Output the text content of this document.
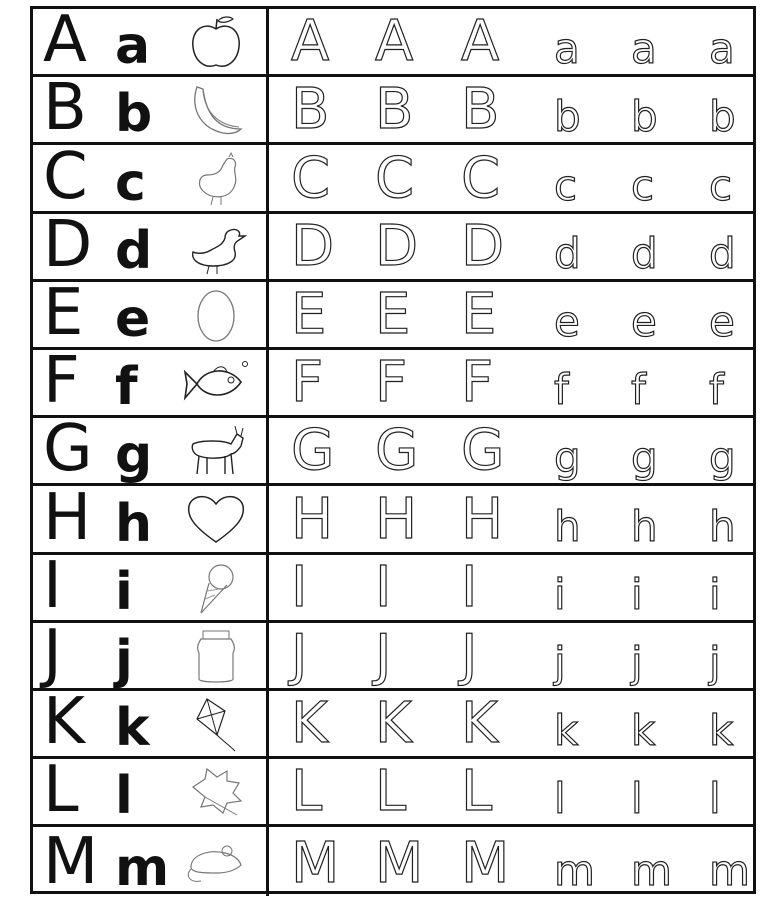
A a	A A A a a a
B b B B B b b b
C c	C C C c c c
D d D D D d d d
E e	E E E e e e
F f	F F F f f f
G g G G G g g g
H h H H H h h h
I i	I I I i i i
J j	J J J j j j
K k	K K K k k k
L l	L L L l l l
M m M M M m m m
